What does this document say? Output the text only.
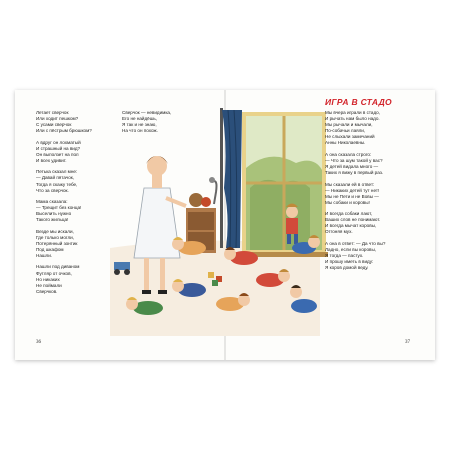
Летает сверчок
Или ходит пешком?
С усами сверчок
Или с пёстрым брюшком?
А вдруг он лохматый
И страшный на вид?
Он выползет на пол
И всех удивит.
Петька сказал мне:
— Давай пятачок,
Тогда я скажу тебе,
Что за сверчок.
Мама сказала:
— Трещит без конца!
Выселить нужно
Такого жильца!
Везде мы искали,
Где только могли,
Потерянный зонтик
Под шкафом
Нашли.
Нашли под диваном
Футляр от очков,
Но никаких
Не поймали
Сверчков.
Сверчок — невидимка,
Его не найдёшь,
Я так и не знаю,
На что он похож.
ИГРА В СТАДО
Мы вчера играли в стадо,
И рычать нам было надо.
Мы рычали и мычали,
По-собачьи лаяли,
Не слыхали замечаний
Анны Николаевны.
А она сказала строго:
— Что за шум такой у вас?
Я детей видала много —
Таких я вижу в первый раз.
Мы сказали ей в ответ:
— Никаких детей тут нет!
Мы не Пети и не Вовы —
Мы собаки и коровы!
И всегда собаки лают,
Ваших слов не понимают.
И всегда мычат коровы,
Отгоняя мух.
А она в ответ: — Да что вы?
Ладно, если вы коровы,
Я тогда — пастух.
И прошу иметь в виду:
Я коров домой веду.
36	37
